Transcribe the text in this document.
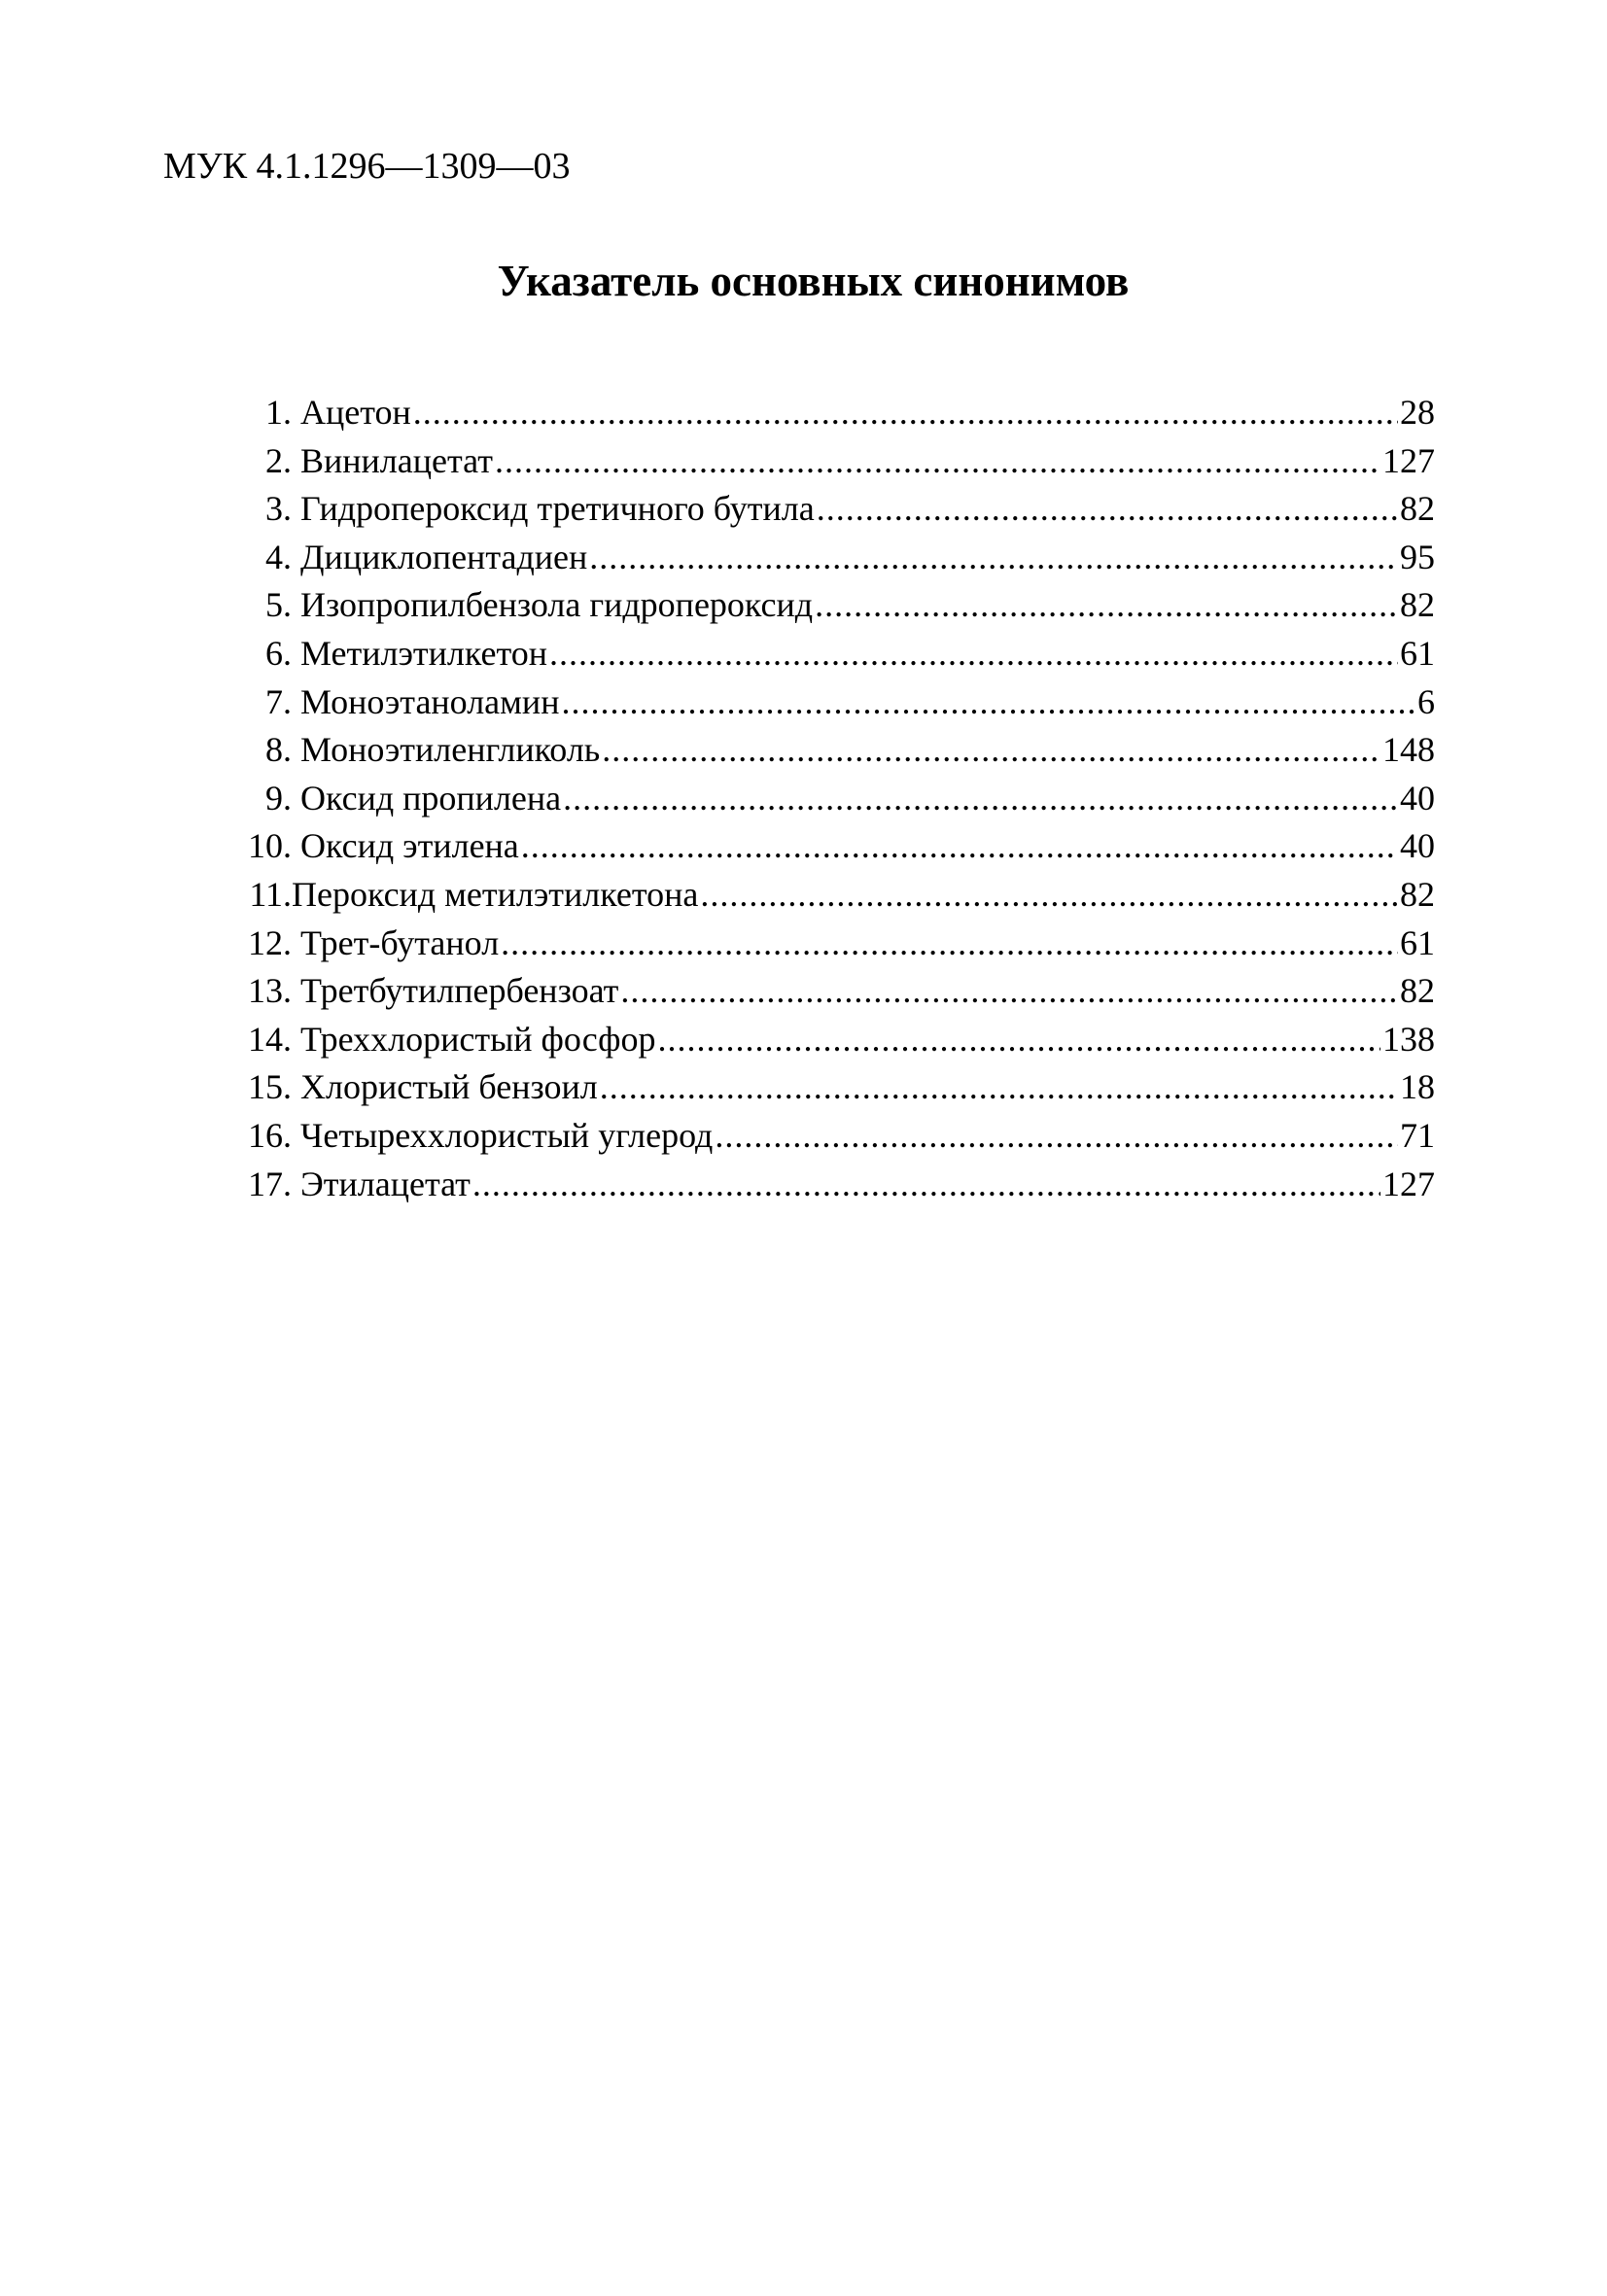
МУК 4.1.1296—1309—03
Указатель основных синонимов
1. Ацетон .....	28
2. Винилацетат .....	127
3. Гидропероксид третичного бутила .....	82
4. Дициклопентадиен .....	95
5. Изопропилбензола гидропероксид .....	82
6. Метилэтилкетон .....	61
7. Моноэтаноламин .....	6
8. Моноэтиленгликоль .....	148
9. Оксид пропилена .....	40
10. Оксид этилена .....	40
11. Пероксид метилэтилкетона .....	82
12. Трет-бутанол .....	61
13. Третбутилпербензоат .....	82
14. Треххлористый фосфор .....	138
15. Хлористый бензоил .....	18
16. Четыреххлористый углерод .....	71
17. Этилацетат .....	127
